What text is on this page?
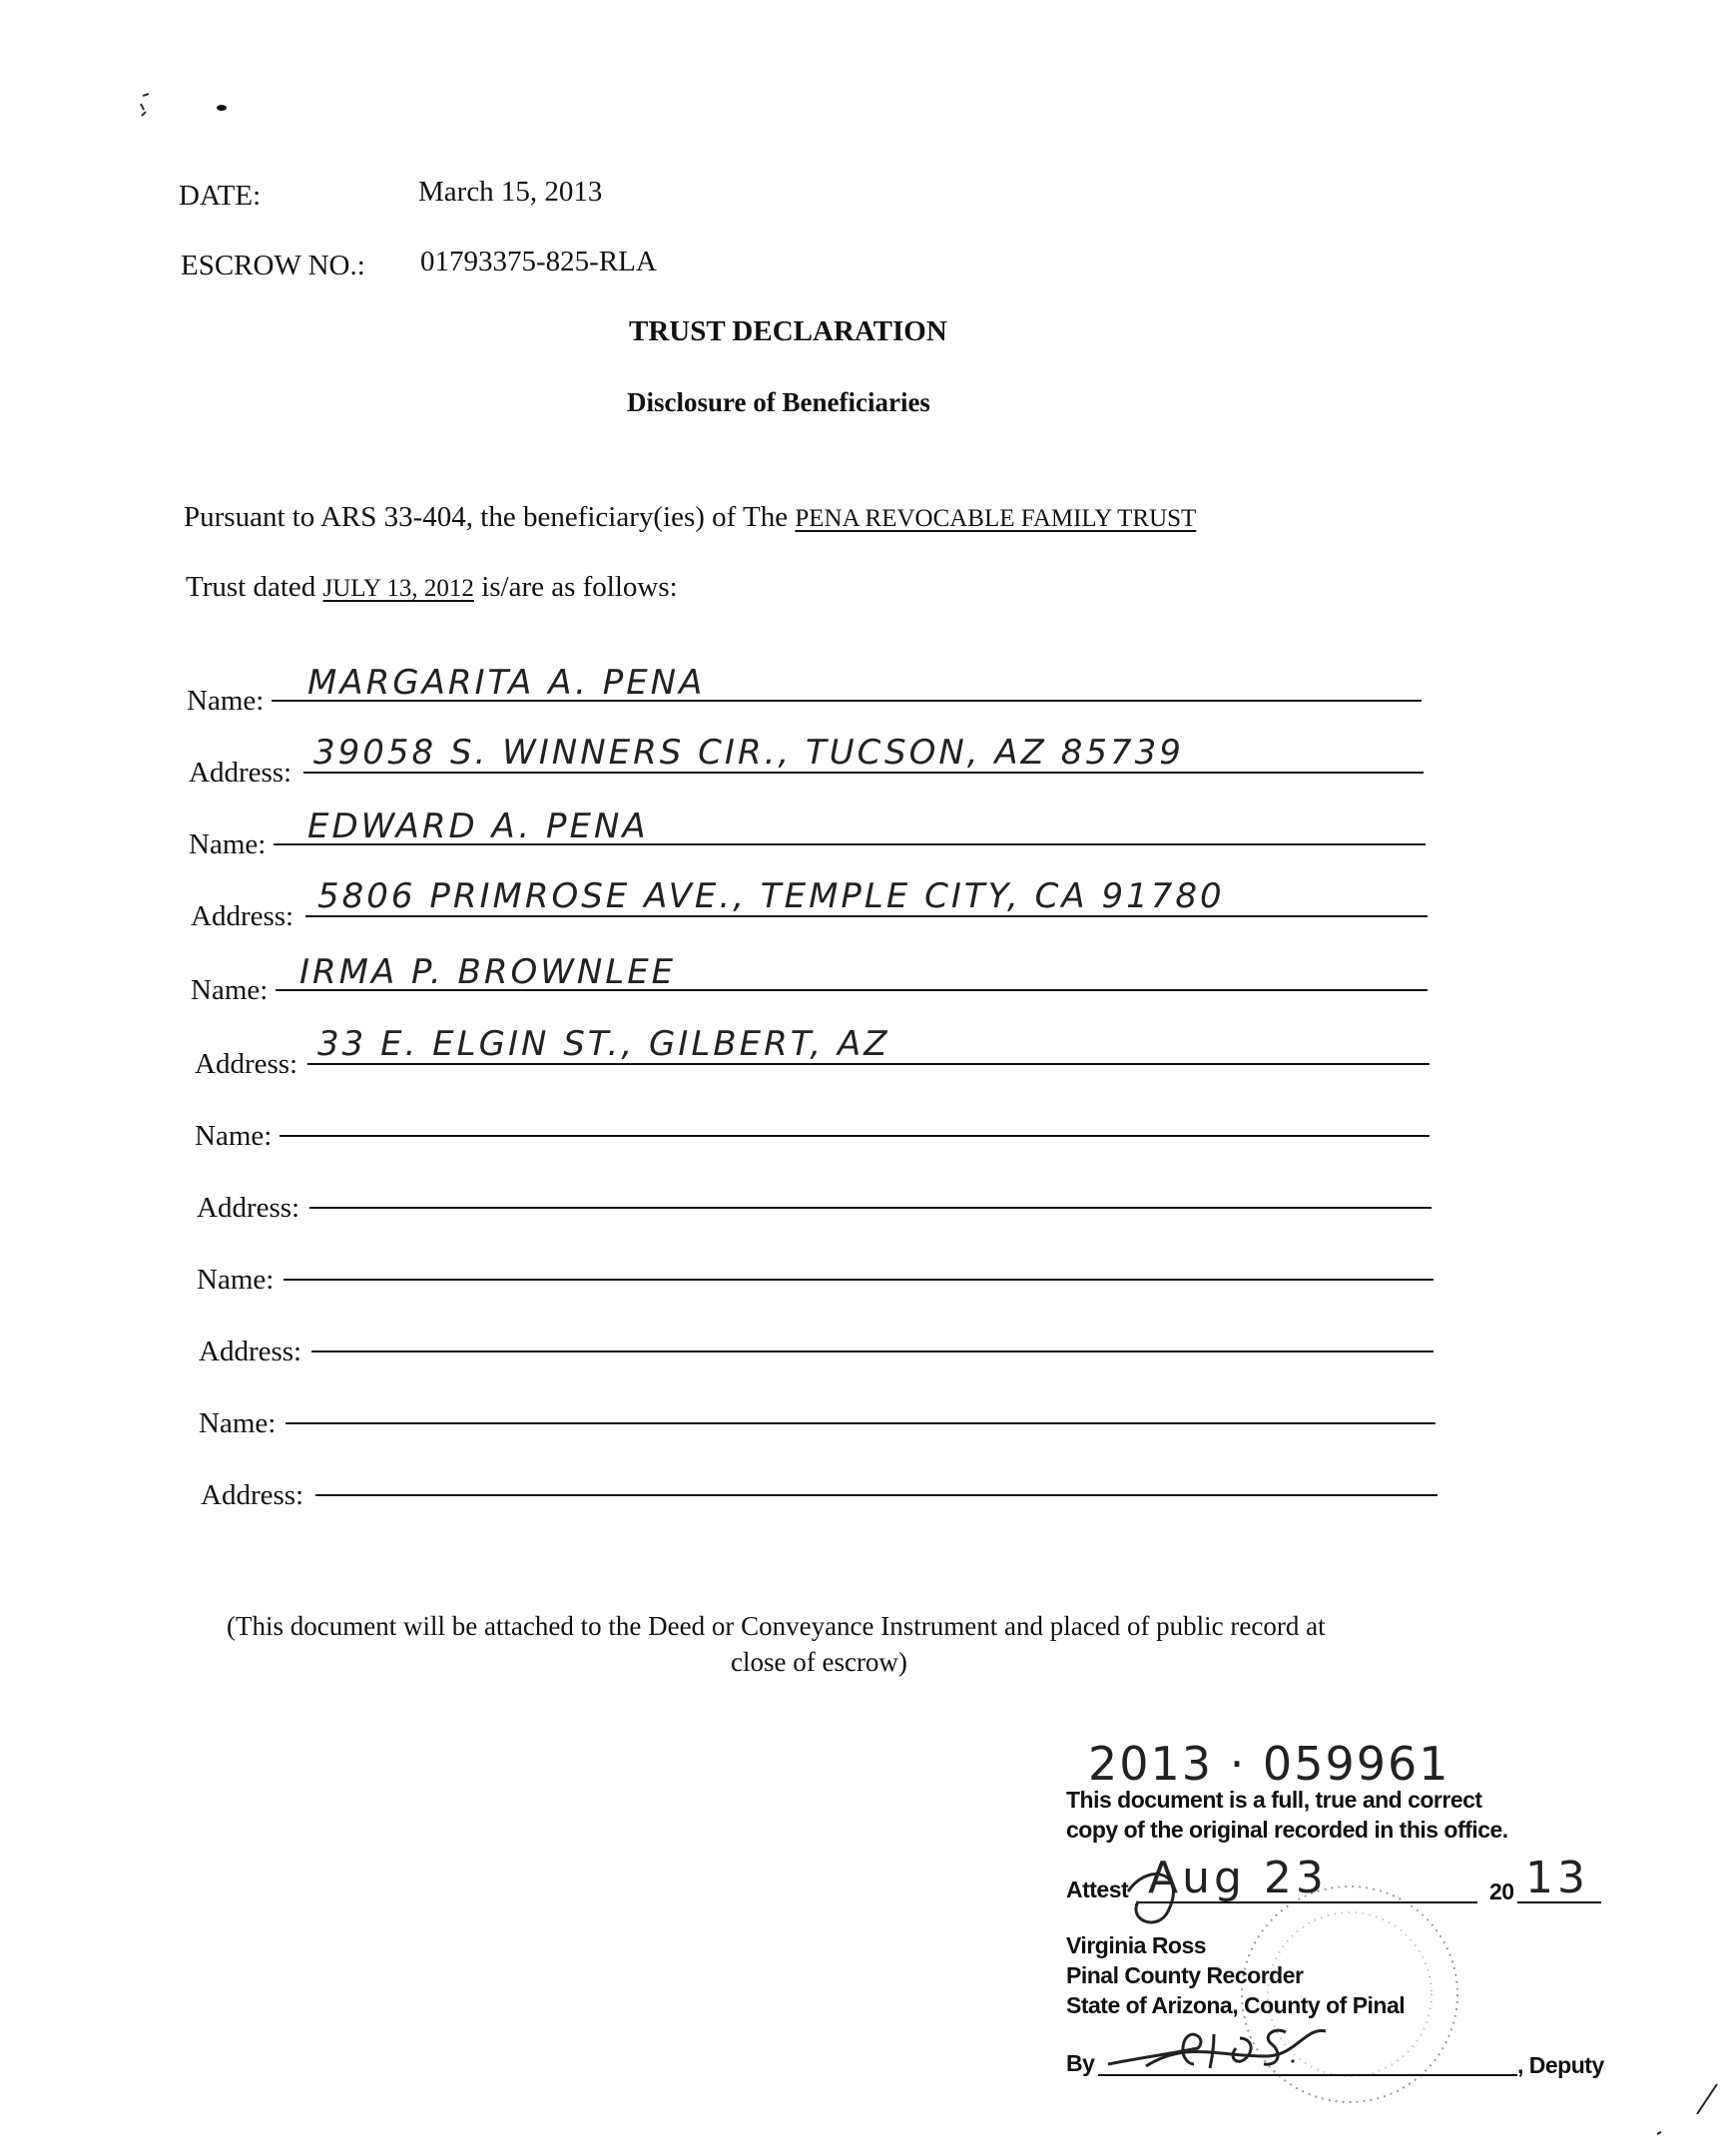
DATE:	March 15, 2013
ESCROW NO.: 01793375-825-RLA
TRUST DECLARATION
Disclosure of Beneficiaries
Pursuant to ARS 33-404, the beneficiary(ies) of The PENA REVOCABLE FAMILY TRUST
Trust dated JULY 13, 2012 is/are as follows:
Name: MARGARITA A. PENA
Address: 39058 S. WINNERS CIR., TUCSON, AZ 85739
Name: EDWARD A. PENA
Address: 5806 PRIMROSE AVE., TEMPLE CITY, CA 91780
Name: IRMA P. BROWNLEE
Address: 33 E. ELGIN ST., GILBERT, AZ
Name:
Address:
Name:
Address:
Name:
Address:
(This document will be attached to the Deed or Conveyance Instrument and placed of public record at
close of escrow)
2013 · 059961
This document is a full, true and correct
copy of the original recorded in this office.
Attest Aug 23	20 13
Virginia Ross
Pinal County Recorder
State of Arizona, County of Pinal
By	, Deputy
